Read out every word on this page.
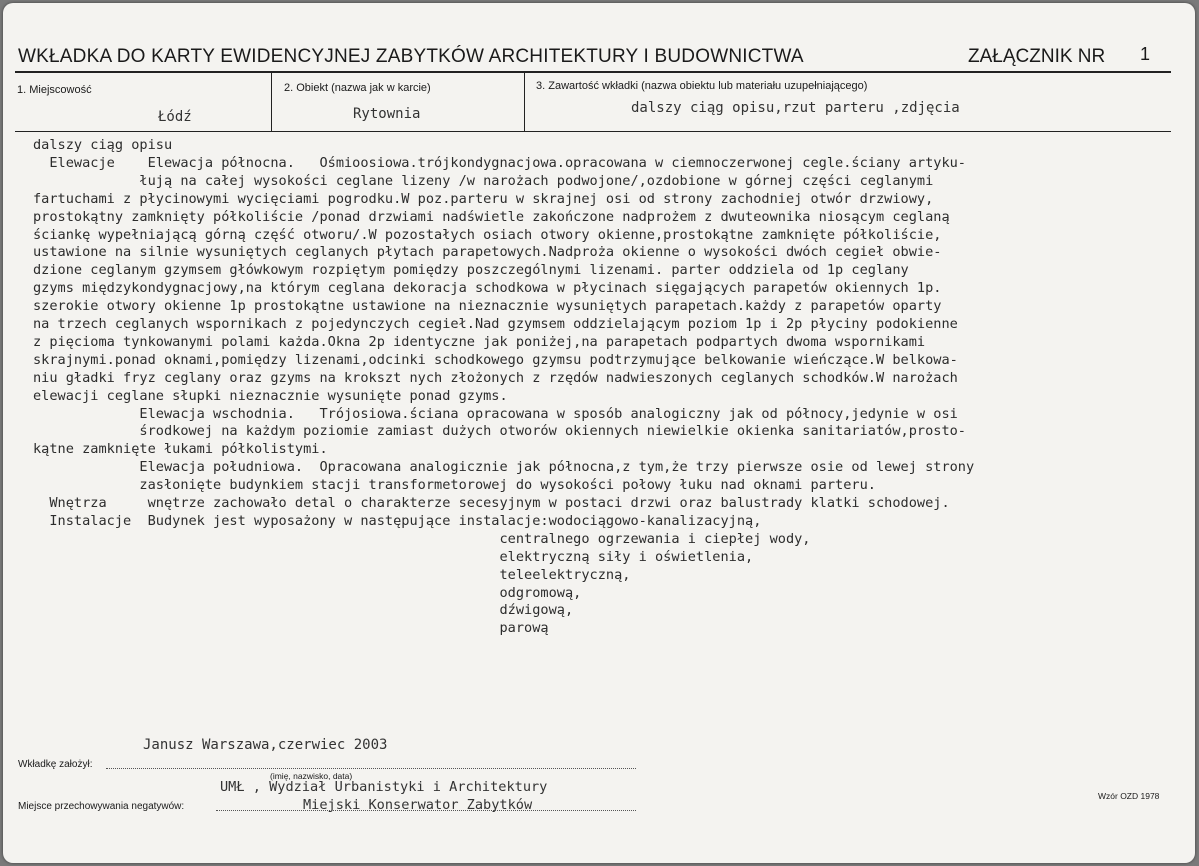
WKŁADKA DO KARTY EWIDENCYJNEJ ZABYTKÓW ARCHITEKTURY I BUDOWNICTWA	ZAŁĄCZNIK NR 1
1. Miejscowość
Łódź
2. Obiekt (nazwa jak w karcie)
Rytownia
3. Zawartość wkładki (nazwa obiektu lub materiału uzupełniającego)
dalszy ciąg opisu,rzut parteru ,zdjęcia
dalszy ciąg opisu
Elewacje    Elewacja północna.   Ośmioosiowa.trójkondygnacjowa.opracowana w ciemnoczerwonej cegle.ściany artyku-
łują na całej wysokości ceglane lizeny /w narożach podwojone/,ozdobione w górnej części ceglanymi
fartuchami z płycinowymi wycięciami pogrodku.W poz.parteru w skrajnej osi od strony zachodniej otwór drzwiowy,
prostokątny zamknięty półkoliście /ponad drzwiami nadświetle zakończone nadprożem z dwuteownika niosącym ceglaną
ściankę wypełniającą górną część otworu/.W pozostałych osiach otwory okienne,prostokątne zamknięte półkoliście,
ustawione na silnie wysuniętych ceglanych płytach parapetowych.Nadproża okienne o wysokości dwóch cegieł obwie-
dzione ceglanym gzymsem główkowym rozpiętym pomiędzy poszczególnymi lizenami. parter oddziela od 1p ceglany
gzyms międzykondygnacjowy,na którym ceglana dekoracja schodkowa w płycinach sięgających parapetów okiennych 1p.
szerokie otwory okienne 1p prostokątne ustawione na nieznacznie wysuniętych parapetach.każdy z parapetów oparty
na trzech ceglanych wspornikach z pojedynczych cegieł.Nad gzymsem oddzielającym poziom 1p i 2p płyciny podokienne
z pięcioma tynkowanymi polami każda.Okna 2p identyczne jak poniżej,na parapetach podpartych dwoma wspornikami
skrajnymi.ponad oknami,pomiędzy lizenami,odcinki schodkowego gzymsu podtrzymujące belkowanie wieńczące.W belkowa-
niu gładki fryz ceglany oraz gzyms na krokszt nych złożonych z rzędów nadwieszonych ceglanych schodków.W narożach
elewacji ceglane słupki nieznacznie wysunięte ponad gzyms.
Elewacja wschodnia.   Trójosiowa.ściana opracowana w sposób analogiczny jak od północy,jedynie w osi
środkowej na każdym poziomie zamiast dużych otworów okiennych niewielkie okienka sanitariatów,prosto-
kątne zamknięte łukami półkolistymi.
Elewacja południowa.  Opracowana analogicznie jak północna,z tym,że trzy pierwsze osie od lewej strony
zasłonięte budynkiem stacji transformetorowej do wysokości połowy łuku nad oknami parteru.
Wnętrza     wnętrze zachowało detal o charakterze secesyjnym w postaci drzwi oraz balustrady klatki schodowej.
Instalacje  Budynek jest wyposażony w następujące instalacje:wodociągowo-kanalizacyjną,
centralnego ogrzewania i ciepłej wody,
elektryczną siły i oświetlenia,
teleelektryczną,
odgromową,
dźwigową,
parową
Janusz Warszawa,czerwiec 2003
Wkładkę założył:
(imię, nazwisko, data)
UMŁ , Wydział Urbanistyki i Architektury
Miejski Konserwator Zabytków
Miejsce przechowywania negatywów:
Wzór OZD 1978
